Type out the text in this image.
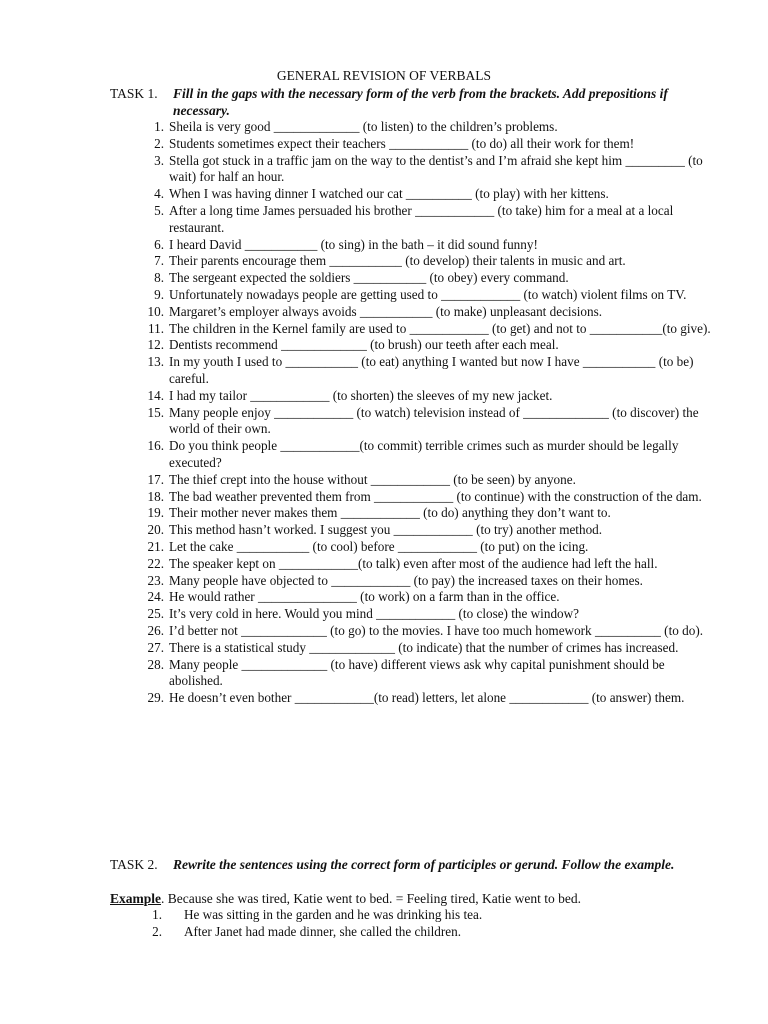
GENERAL REVISION OF VERBALS
TASK 1. Fill in the gaps with the necessary form of the verb from the brackets. Add prepositions if necessary.
1. Sheila is very good _____________ (to listen) to the children’s problems.
2. Students sometimes expect their teachers ____________ (to do) all their work for them!
3. Stella got stuck in a traffic jam on the way to the dentist’s and I’m afraid she kept him _________ (to wait) for half an hour.
4. When I was having dinner I watched our cat __________ (to play) with her kittens.
5. After a long time James persuaded his brother ____________ (to take) him for a meal at a local restaurant.
6. I heard David ___________ (to sing) in the bath – it did sound funny!
7. Their parents encourage them ___________ (to develop) their talents in music and art.
8. The sergeant expected the soldiers ___________ (to obey) every command.
9. Unfortunately nowadays people are getting used to ____________ (to watch) violent films on TV.
10. Margaret’s employer always avoids ___________ (to make) unpleasant decisions.
11. The children in the Kernel family are used to ____________ (to get) and not to ___________(to give).
12. Dentists recommend _____________ (to brush) our teeth after each meal.
13. In my youth I used to ___________ (to eat) anything I wanted but now I have ___________ (to be) careful.
14. I had my tailor ____________ (to shorten) the sleeves of my new jacket.
15. Many people enjoy ____________ (to watch) television instead of _____________ (to discover) the world of their own.
16. Do you think people ____________(to commit) terrible crimes such as murder should be legally executed?
17. The thief crept into the house without ____________ (to be seen) by anyone.
18. The bad weather prevented them from ____________ (to continue) with the construction of the dam.
19. Their mother never makes them ____________ (to do) anything they don’t want to.
20. This method hasn’t worked. I suggest you ____________ (to try) another method.
21. Let the cake ___________ (to cool) before ____________ (to put) on the icing.
22. The speaker kept on ____________(to talk) even after most of the audience had left the hall.
23. Many people have objected to ____________ (to pay) the increased taxes on their homes.
24. He would rather _______________ (to work) on a farm than in the office.
25. It’s very cold in here. Would you mind ____________ (to close) the window?
26. I’d better not _____________ (to go) to the movies. I have too much homework __________ (to do).
27. There is a statistical study _____________ (to indicate) that the number of crimes has increased.
28. Many people _____________ (to have) different views ask why capital punishment should be abolished.
29. He doesn’t even bother ____________(to read) letters, let alone ____________ (to answer) them.
TASK 2. Rewrite the sentences using the correct form of participles or gerund. Follow the example.
Example. Because she was tired, Katie went to bed. = Feeling tired, Katie went to bed.
1. He was sitting in the garden and he was drinking his tea.
2. After Janet had made dinner, she called the children.
